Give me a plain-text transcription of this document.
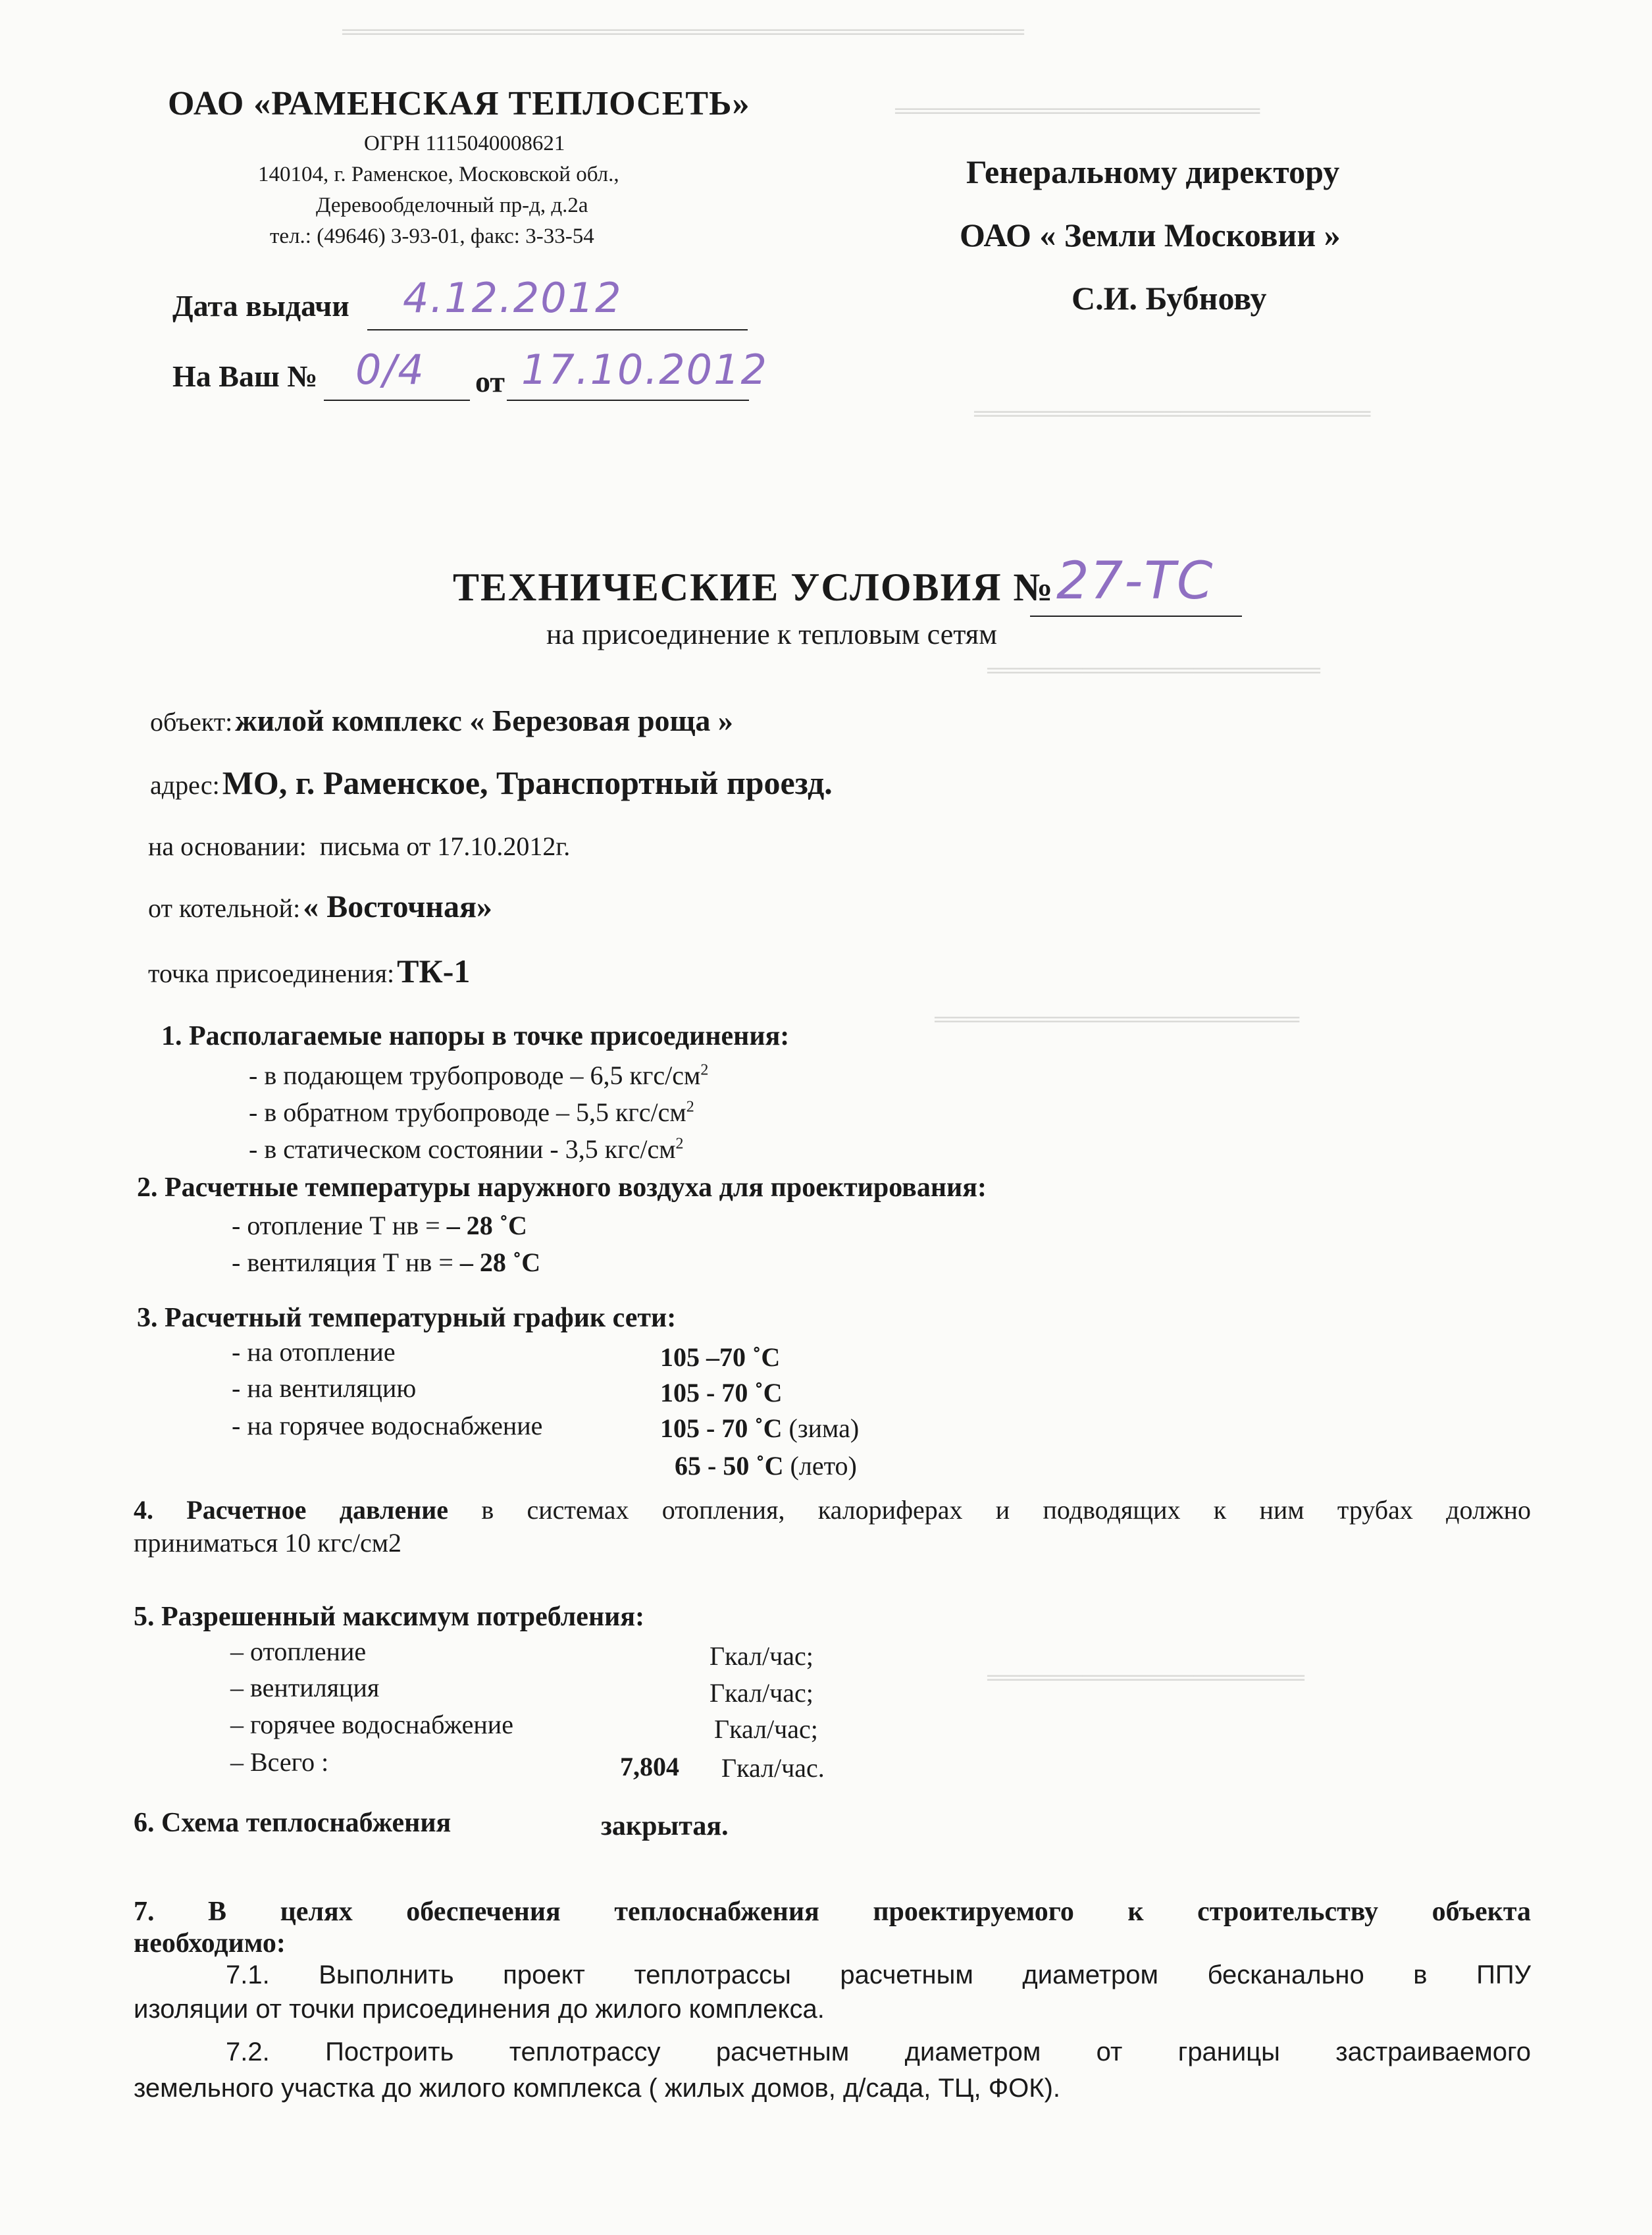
═══════════════════════════════════════════
═══════════════════════
═════════════════════════
═════════════════════
═══════════════════════
════════════════════
ОАО «РАМЕНСКАЯ ТЕПЛОСЕТЬ»
ОГРН 1115040008621
140104, г. Раменское, Московской обл.,
Деревообделочный пр-д, д.2а
тел.: (49646) 3-93-01, факс: 3-33-54
Дата выдачи 4.12.2012
На Ваш № 0/4 от 17.10.2012
Генеральному директору
ОАО « Земли Московии »
С.И. Бубнову
ТЕХНИЧЕСКИЕ УСЛОВИЯ № 27-ТС
на присоединение к тепловым сетям
объект: жилой комплекс « Березовая роща »
адрес: МО, г. Раменское, Транспортный проезд.
на основании: письма от 17.10.2012г.
от котельной: « Восточная»
точка присоединения: ТК-1
1. Располагаемые напоры в точке присоединения:
- в подающем трубопроводе – 6,5 кгс/$см^2$
- в обратном трубопроводе – 5,5 кгс/$см^2$
- в статическом состоянии - 3,5 кгс/$см^2$
2. Расчетные температуры наружного воздуха для проектирования:
- отопление Т нв = – 28 ˚С
- вентиляция Т нв = – 28 ˚С
3. Расчетный температурный график сети:
- на отопление	105 –70 ˚С
- на вентиляцию	105 - 70 ˚С
- на горячее водоснабжение	105 - 70 ˚С (зима)
65 - 50 ˚С (лето)
4. Расчетное давление в системах отопления, калориферах и подводящих к ним трубах должно
приниматься 10 кгс/см2
5. Разрешенный максимум потребления:
– отопление	Гкал/час;
– вентиляция	Гкал/час;
– горячее водоснабжение	Гкал/час;
– Всего :	7,804 Гкал/час.
6. Схема теплоснабжения	закрытая.
7. В целях обеспечения теплоснабжения проектируемого к строительству объекта
необходимо:
7.1. Выполнить проект теплотрассы расчетным диаметром бесканально в ППУ
изоляции от точки присоединения до жилого комплекса.
7.2. Построить теплотрассу расчетным диаметром от границы застраиваемого
земельного участка до жилого комплекса ( жилых домов, д/сада, ТЦ, ФОК).
